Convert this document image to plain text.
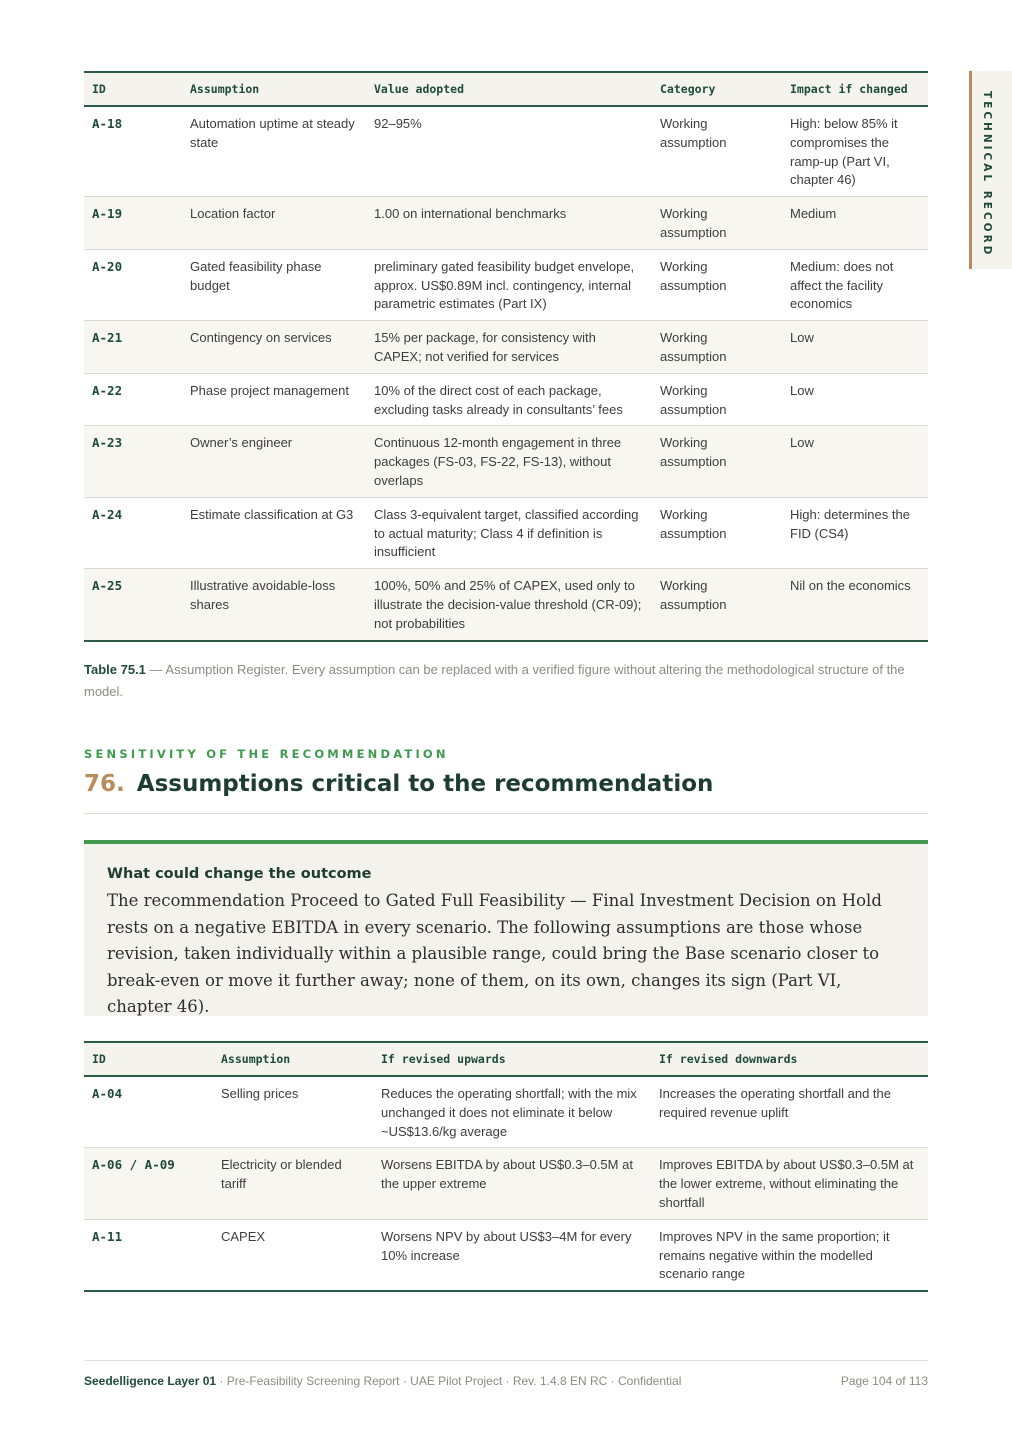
TECHNICAL RECORD
ID	Assumption	Value adopted	Category	Impact if changed
A-18	Automation uptime at steady state	92–95%	Working assumption	High: below 85% it compromises the ramp-up (Part VI, chapter 46)
A-19	Location factor	1.00 on international benchmarks	Working assumption	Medium
A-20	Gated feasibility phase budget	preliminary gated feasibility budget envelope, approx. US$0.89M incl. contingency, internal parametric estimates (Part IX)	Working assumption	Medium: does not affect the facility economics
A-21	Contingency on services	15% per package, for consistency with CAPEX; not verified for services	Working assumption	Low
A-22	Phase project management	10% of the direct cost of each package, excluding tasks already in consultants’ fees	Working assumption	Low
A-23	Owner’s engineer	Continuous 12-month engagement in three packages (FS-03, FS-22, FS-13), without overlaps	Working assumption	Low
A-24	Estimate classification at G3	Class 3-equivalent target, classified according to actual maturity; Class 4 if definition is insufficient	Working assumption	High: determines the FID (CS4)
A-25	Illustrative avoidable-loss shares	100%, 50% and 25% of CAPEX, used only to illustrate the decision-value threshold (CR-09); not probabilities	Working assumption	Nil on the economics
Table 75.1 — Assumption Register. Every assumption can be replaced with a verified figure without altering the methodological structure of the model.
SENSITIVITY OF THE RECOMMENDATION
76. Assumptions critical to the recommendation
What could change the outcome

The recommendation Proceed to Gated Full Feasibility — Final Investment Decision on Hold rests on a negative EBITDA in every scenario. The following assumptions are those whose revision, taken individually within a plausible range, could bring the Base scenario closer to break-even or move it further away; none of them, on its own, changes its sign (Part VI, chapter 46).

ID	Assumption	If revised upwards	If revised downwards
A-04	Selling prices	Reduces the operating shortfall; with the mix unchanged it does not eliminate it below ~US$13.6/kg average	Increases the operating shortfall and the required revenue uplift
A-06 / A-09	Electricity or blended tariff	Worsens EBITDA by about US$0.3–0.5M at the upper extreme	Improves EBITDA by about US$0.3–0.5M at the lower extreme, without eliminating the shortfall
A-11	CAPEX	Worsens NPV by about US$3–4M for every 10% increase	Improves NPV in the same proportion; it remains negative within the modelled scenario range
Seedelligence Layer 01 · Pre-Feasibility Screening Report · UAE Pilot Project · Rev. 1.4.8 EN RC · Confidential	Page 104 of 113
